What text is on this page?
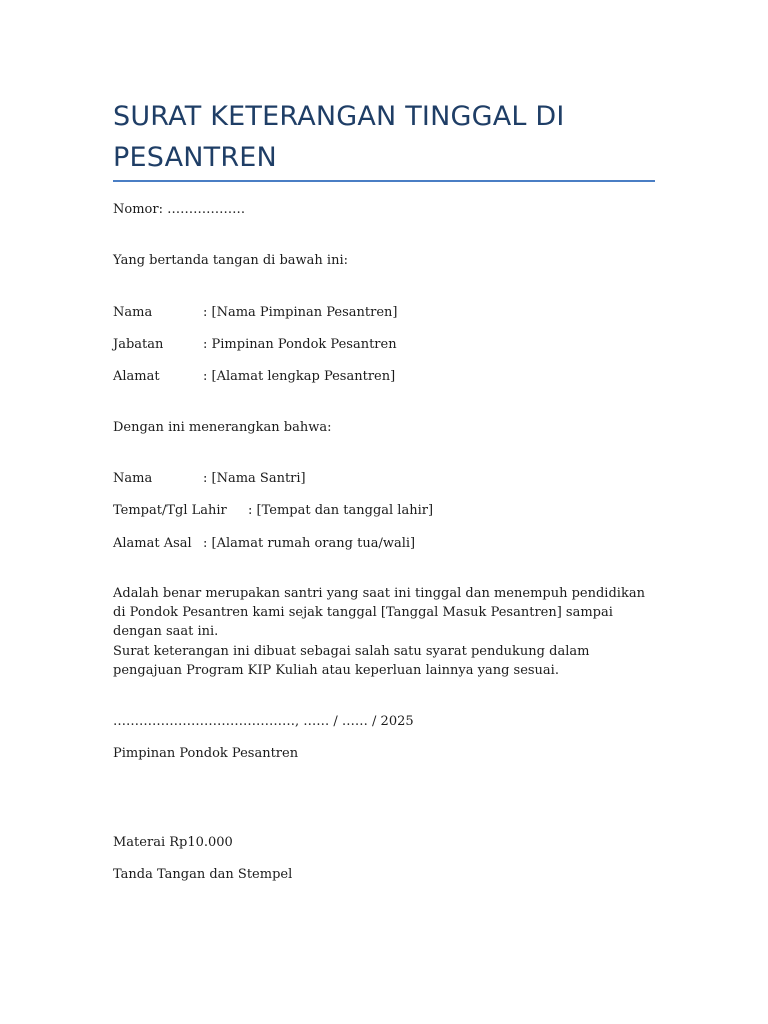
SURAT KETERANGAN TINGGAL DI
PESANTREN

Nomor: ………………

Yang bertanda tangan di bawah ini:

Nama	: [Nama Pimpinan Pesantren]
Jabatan	: Pimpinan Pondok Pesantren
Alamat	: [Alamat lengkap Pesantren]

Dengan ini menerangkan bahwa:

Nama	: [Nama Santri]
Tempat/Tgl Lahir : [Tempat dan tanggal lahir]
Alamat Asal : [Alamat rumah orang tua/wali]

Adalah benar merupakan santri yang saat ini tinggal dan menempuh pendidikan di Pondok Pesantren kami sejak tanggal [Tanggal Masuk Pesantren] sampai dengan saat ini.

Surat keterangan ini dibuat sebagai salah satu syarat pendukung dalam pengajuan Program KIP Kuliah atau keperluan lainnya yang sesuai.

……………………………………, …… / …… / 2025

Pimpinan Pondok Pesantren

Materai Rp10.000

Tanda Tangan dan Stempel
